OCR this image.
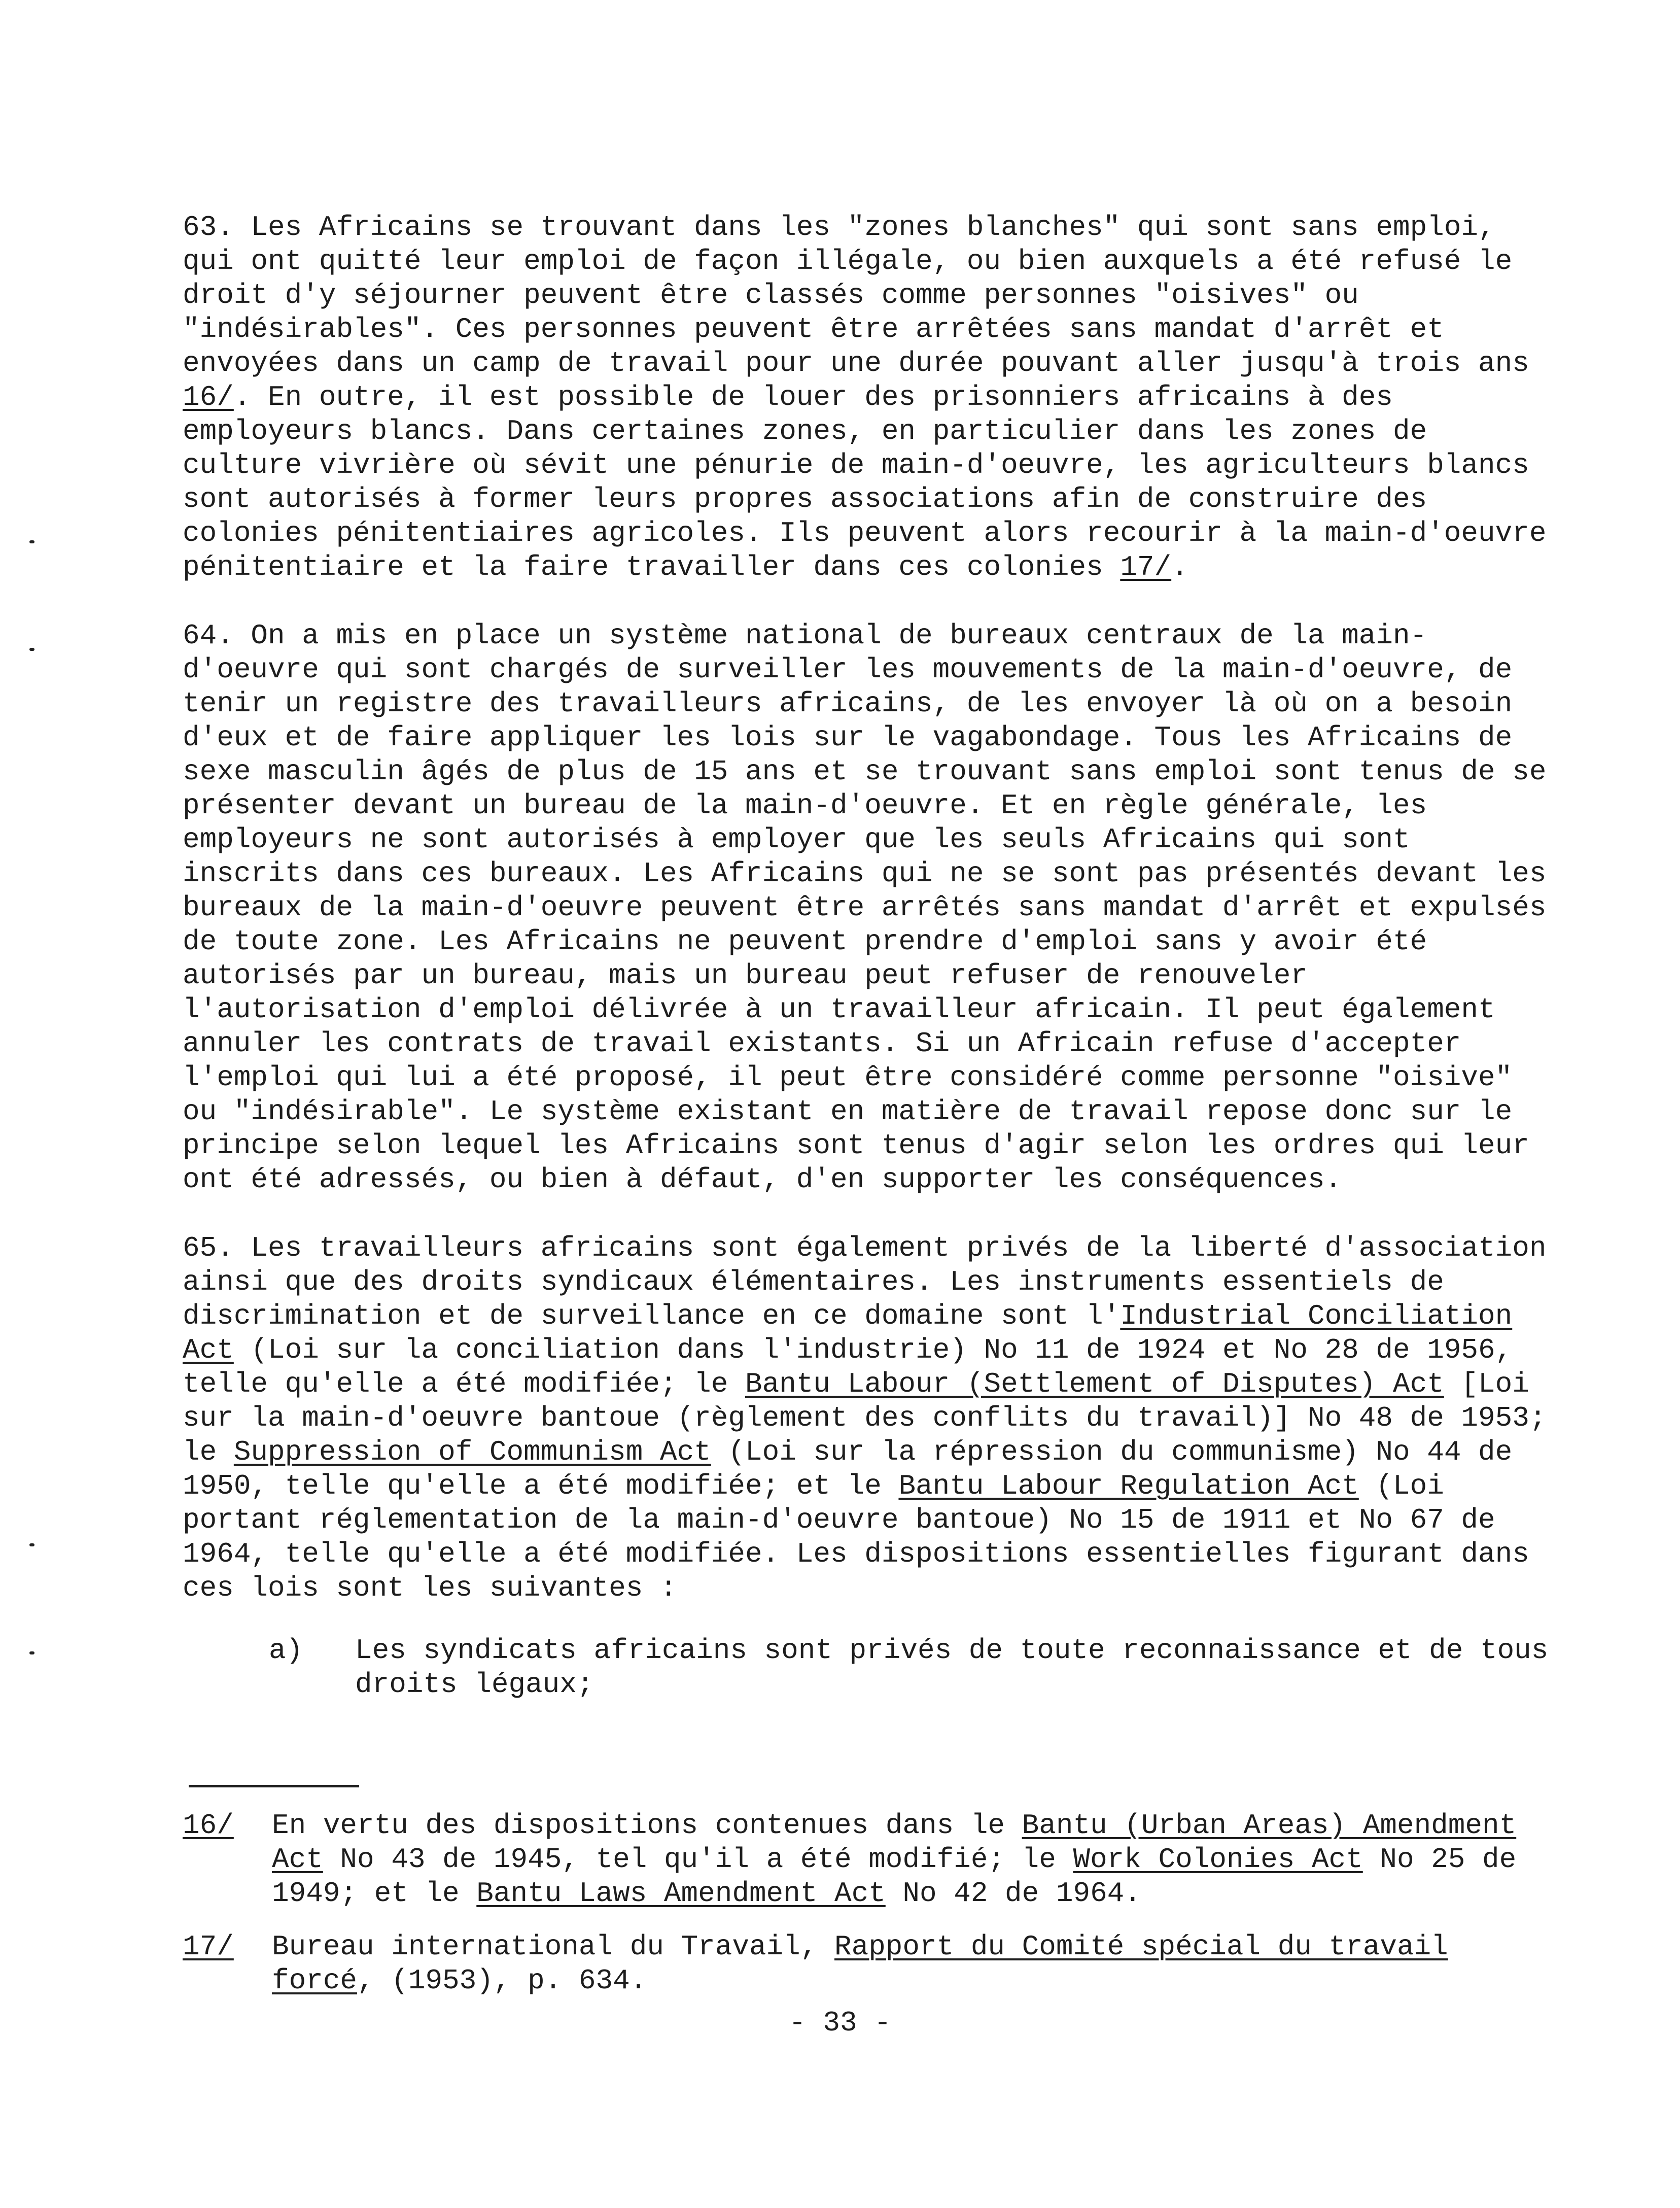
63. Les Africains se trouvant dans les "zones blanches" qui sont sans emploi, qui ont quitté leur emploi de façon illégale, ou bien auxquels a été refusé le droit d'y séjourner peuvent être classés comme personnes "oisives" ou "indésirables". Ces personnes peuvent être arrêtées sans mandat d'arrêt et envoyées dans un camp de travail pour une durée pouvant aller jusqu'à trois ans 16/. En outre, il est possible de louer des prisonniers africains à des employeurs blancs. Dans certaines zones, en particulier dans les zones de culture vivrière où sévit une pénurie de main-d'oeuvre, les agriculteurs blancs sont autorisés à former leurs propres associations afin de construire des colonies pénitentiaires agricoles. Ils peuvent alors recourir à la main-d'oeuvre pénitentiaire et la faire travailler dans ces colonies 17/.

64. On a mis en place un système national de bureaux centraux de la main-d'oeuvre qui sont chargés de surveiller les mouvements de la main-d'oeuvre, de tenir un registre des travailleurs africains, de les envoyer là où on a besoin d'eux et de faire appliquer les lois sur le vagabondage. Tous les Africains de sexe masculin âgés de plus de 15 ans et se trouvant sans emploi sont tenus de se présenter devant un bureau de la main-d'oeuvre. Et en règle générale, les employeurs ne sont autorisés à employer que les seuls Africains qui sont inscrits dans ces bureaux. Les Africains qui ne se sont pas présentés devant les bureaux de la main-d'oeuvre peuvent être arrêtés sans mandat d'arrêt et expulsés de toute zone. Les Africains ne peuvent prendre d'emploi sans y avoir été autorisés par un bureau, mais un bureau peut refuser de renouveler l'autorisation d'emploi délivrée à un travailleur africain. Il peut également annuler les contrats de travail existants. Si un Africain refuse d'accepter l'emploi qui lui a été proposé, il peut être considéré comme personne "oisive" ou "indésirable". Le système existant en matière de travail repose donc sur le principe selon lequel les Africains sont tenus d'agir selon les ordres qui leur ont été adressés, ou bien à défaut, d'en supporter les conséquences.

65. Les travailleurs africains sont également privés de la liberté d'association ainsi que des droits syndicaux élémentaires. Les instruments essentiels de discrimination et de surveillance en ce domaine sont l'Industrial Conciliation Act (Loi sur la conciliation dans l'industrie) No 11 de 1924 et No 28 de 1956, telle qu'elle a été modifiée; le Bantu Labour (Settlement of Disputes) Act [Loi sur la main-d'oeuvre bantoue (règlement des conflits du travail)] No 48 de 1953; le Suppression of Communism Act (Loi sur la répression du communisme) No 44 de 1950, telle qu'elle a été modifiée; et le Bantu Labour Regulation Act (Loi portant réglementation de la main-d'oeuvre bantoue) No 15 de 1911 et No 67 de 1964, telle qu'elle a été modifiée. Les dispositions essentielles figurant dans ces lois sont les suivantes :

a) Les syndicats africains sont privés de toute reconnaissance et de tous droits légaux;

16/	En vertu des dispositions contenues dans le Bantu (Urban Areas) Amendment Act No 43 de 1945, tel qu'il a été modifié; le Work Colonies Act No 25 de 1949; et le Bantu Laws Amendment Act No 42 de 1964.
17/	Bureau international du Travail, Rapport du Comité spécial du travail forcé, (1953), p. 634.
- 33 -
